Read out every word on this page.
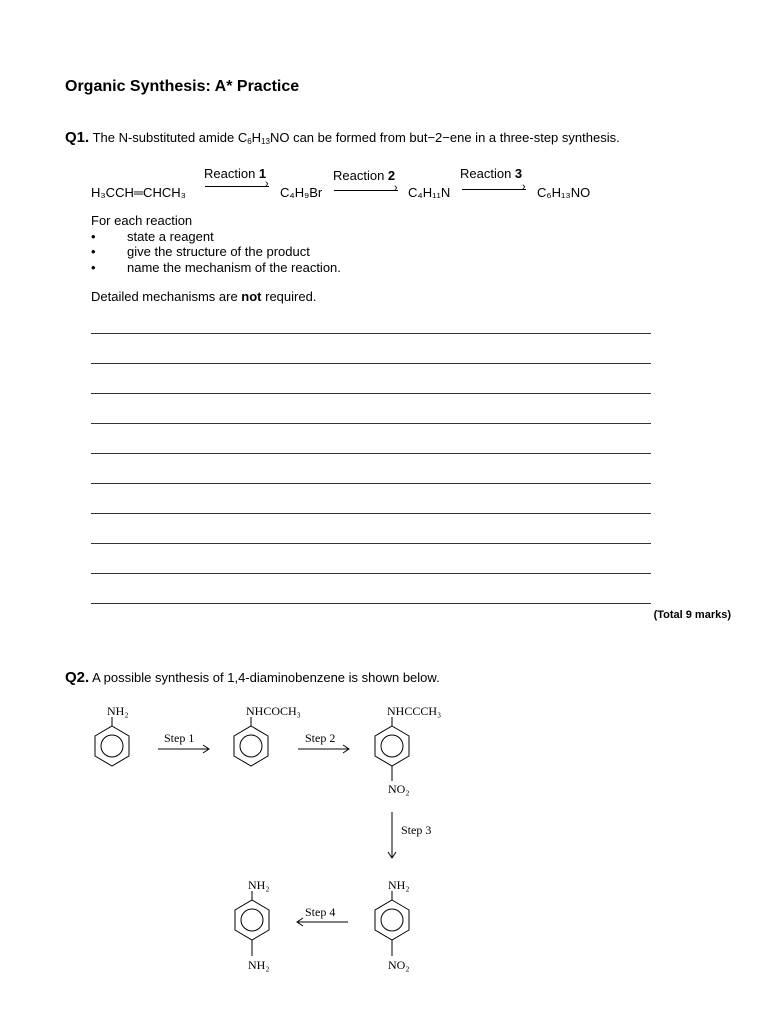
Organic Synthesis: A* Practice
Q1. The N-substituted amide $C_6H_{13}NO$ can be formed from but−2−ene in a three-step synthesis.
H₃CCH═CHCH₃
Reaction 1
›
C₄H₉Br
Reaction 2
› C₄H₁₁N
Reaction 3
› C₆H₁₃NO
For each reaction
•	state a reagent
•	give the structure of the product
•	name the mechanism of the reaction.
Detailed mechanisms are not required.
(Total 9 marks)
Q2. A possible synthesis of 1,4-diaminobenzene is shown below.
NH₂	NHCOCH₃	NHCCCH₃
NO₂
NH₂
NO₂
NH₂
NH₂
Step 1	Step 2
Step 3
Step 4
